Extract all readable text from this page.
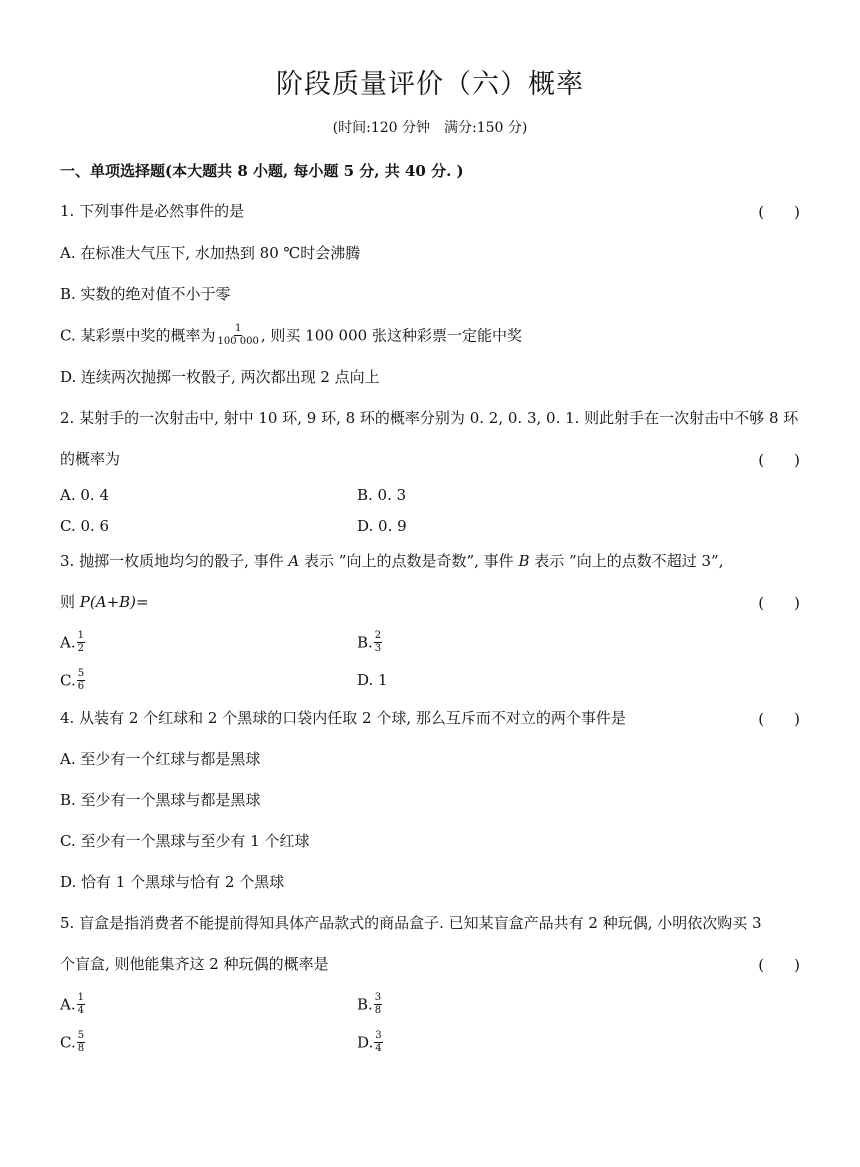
阶段质量评价（六）概率
(时间:120 分钟　满分:150 分)
一、单项选择题(本大题共 8 小题, 每小题 5 分, 共 40 分. )
1. 下列事件是必然事件的是	(　　)
A. 在标准大气压下, 水加热到 80 ℃时会沸腾
B. 实数的绝对值不小于零
C. 某彩票中奖的概率为 $\frac{1}{100 000}$ , 则买 100 000 张这种彩票一定能中奖
D. 连续两次抛掷一枚骰子, 两次都出现 2 点向上
2. 某射手的一次射击中, 射中 10 环, 9 环, 8 环的概率分别为 0. 2, 0. 3, 0. 1. 则此射手在一次射击中不够 8 环
的概率为	(　　)
A. 0. 4	B. 0. 3
C. 0. 6	D. 0. 9
3. 抛掷一枚质地均匀的骰子, 事件 A 表示 ”向上的点数是奇数”, 事件 B 表示 ”向上的点数不超过 3”,
则 P(A+B)=	(　　)
A. $\frac{1}{2}$	B. $\frac{2}{3}$
C. $\frac{5}{6}$	D. 1
4. 从装有 2 个红球和 2 个黑球的口袋内任取 2 个球, 那么互斥而不对立的两个事件是	(　　)
A. 至少有一个红球与都是黑球
B. 至少有一个黑球与都是黑球
C. 至少有一个黑球与至少有 1 个红球
D. 恰有 1 个黑球与恰有 2 个黑球
5. 盲盒是指消费者不能提前得知具体产品款式的商品盒子. 已知某盲盒产品共有 2 种玩偶, 小明依次购买 3
个盲盒, 则他能集齐这 2 种玩偶的概率是	(　　)
A. $\frac{1}{4}$	B. $\frac{3}{8}$
C. $\frac{5}{8}$	D. $\frac{3}{4}$
